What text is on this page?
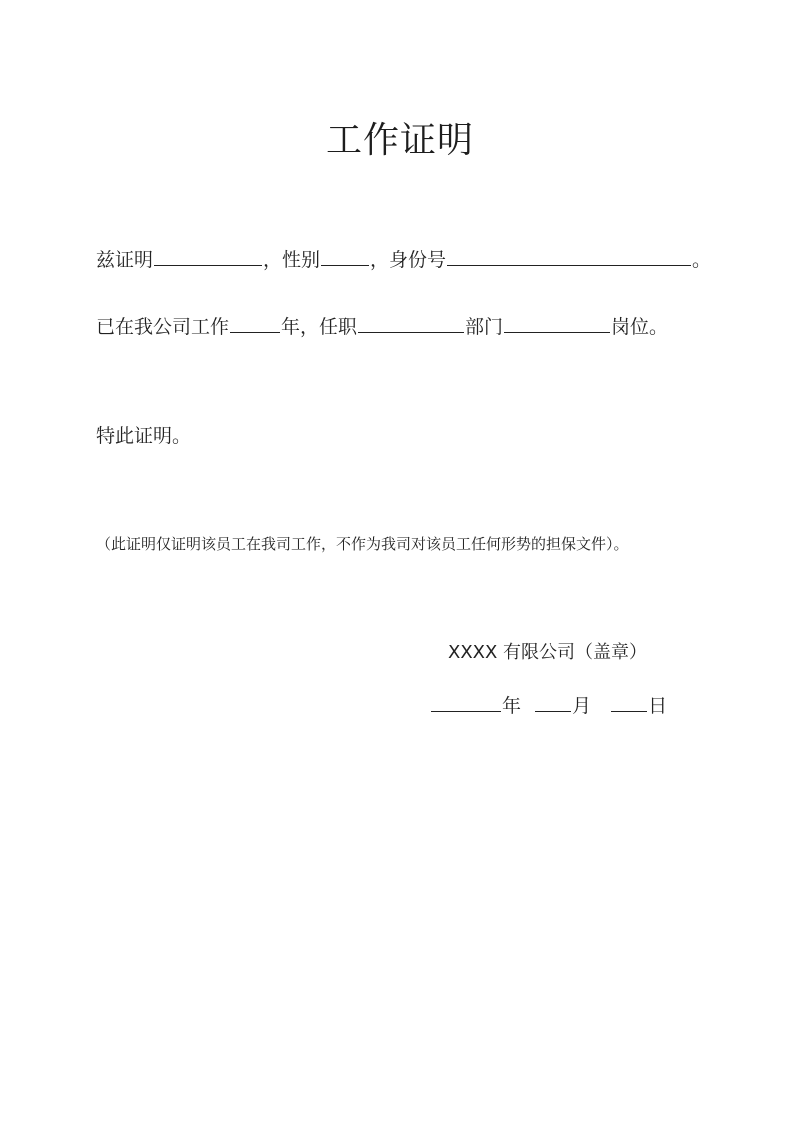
工作证明
兹证明	，性别	，身份号	。
已在我公司工作	年，任职	部门	岗位。
特此证明。
（此证明仅证明该员工在我司工作，不作为我司对该员工任何形势的担保文件）。
XXXX 有限公司（盖章）
年	月	日
